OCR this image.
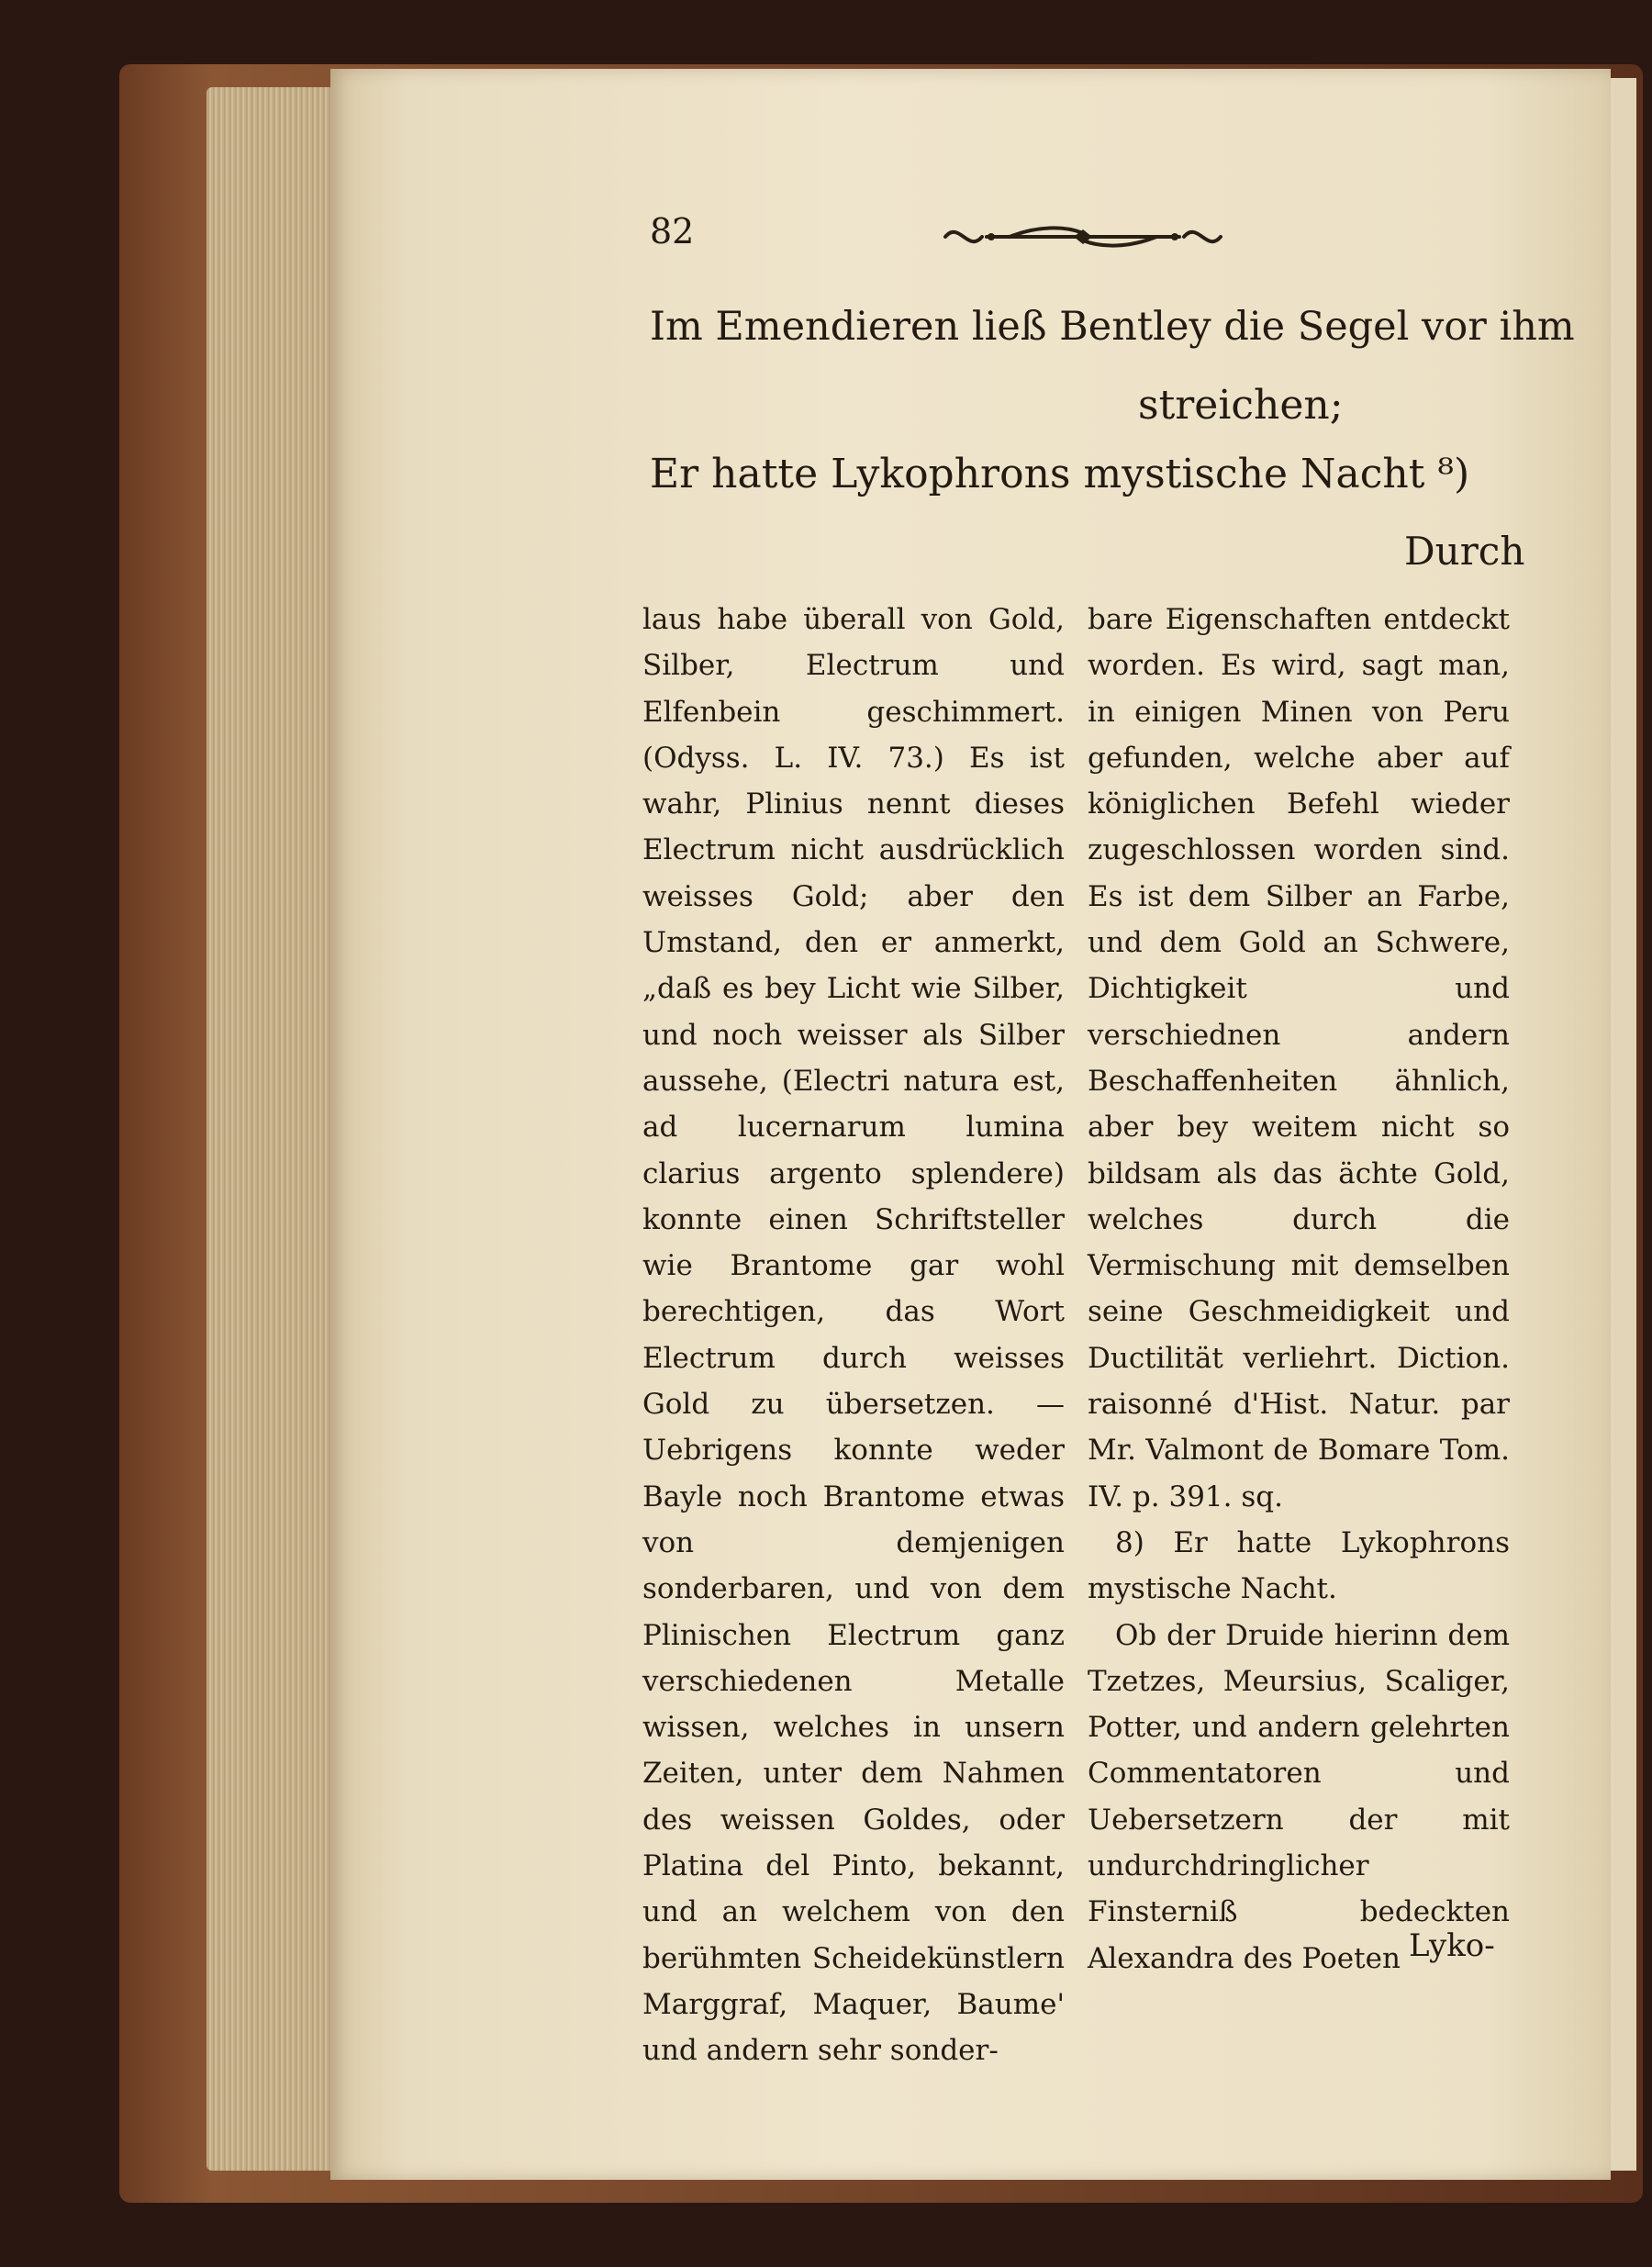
82

Im Emendieren ließ Bentley die Segel vor ihm

streichen;

Er hatte Lykophrons mystische Nacht ⁸)

Durch

laus habe überall von Gold, Silber, Electrum und Elfenbein geschimmert. (Odyss. L. IV. 73.) Es ist wahr, Plinius nennt dieses Electrum nicht ausdrücklich weisses Gold; aber den Umstand, den er anmerkt, „daß es bey Licht wie Silber, und noch weisser als Silber aussehe, (Electri natura est, ad lucernarum lumina clarius argento splendere) konnte einen Schriftsteller wie Brantome gar wohl berechtigen, das Wort Electrum durch weisses Gold zu übersetzen. — Uebrigens konnte weder Bayle noch Brantome etwas von demjenigen sonderbaren, und von dem Plinischen Electrum ganz verschiedenen Metalle wissen, welches in unsern Zeiten, unter dem Nahmen des weissen Goldes, oder Platina del Pinto, bekannt, und an welchem von den berühmten Scheidekünstlern Marggraf, Maquer, Baume' und andern sehr sonder-

bare Eigenschaften entdeckt worden. Es wird, sagt man, in einigen Minen von Peru gefunden, welche aber auf königlichen Befehl wieder zugeschlossen worden sind. Es ist dem Silber an Farbe, und dem Gold an Schwere, Dichtigkeit und verschiednen andern Beschaffenheiten ähnlich, aber bey weitem nicht so bildsam als das ächte Gold, welches durch die Vermischung mit demselben seine Geschmeidigkeit und Ductilität verliehrt. Diction. raisonné d'Hist. Natur. par Mr. Valmont de Bomare Tom. IV. p. 391. sq.

8) Er hatte Lykophrons mystische Nacht.

Ob der Druide hierinn dem Tzetzes, Meursius, Scaliger, Potter, und andern gelehrten Commentatoren und Uebersetzern der mit undurchdringlicher Finsterniß bedeckten Alexandra des Poeten Lyko-
